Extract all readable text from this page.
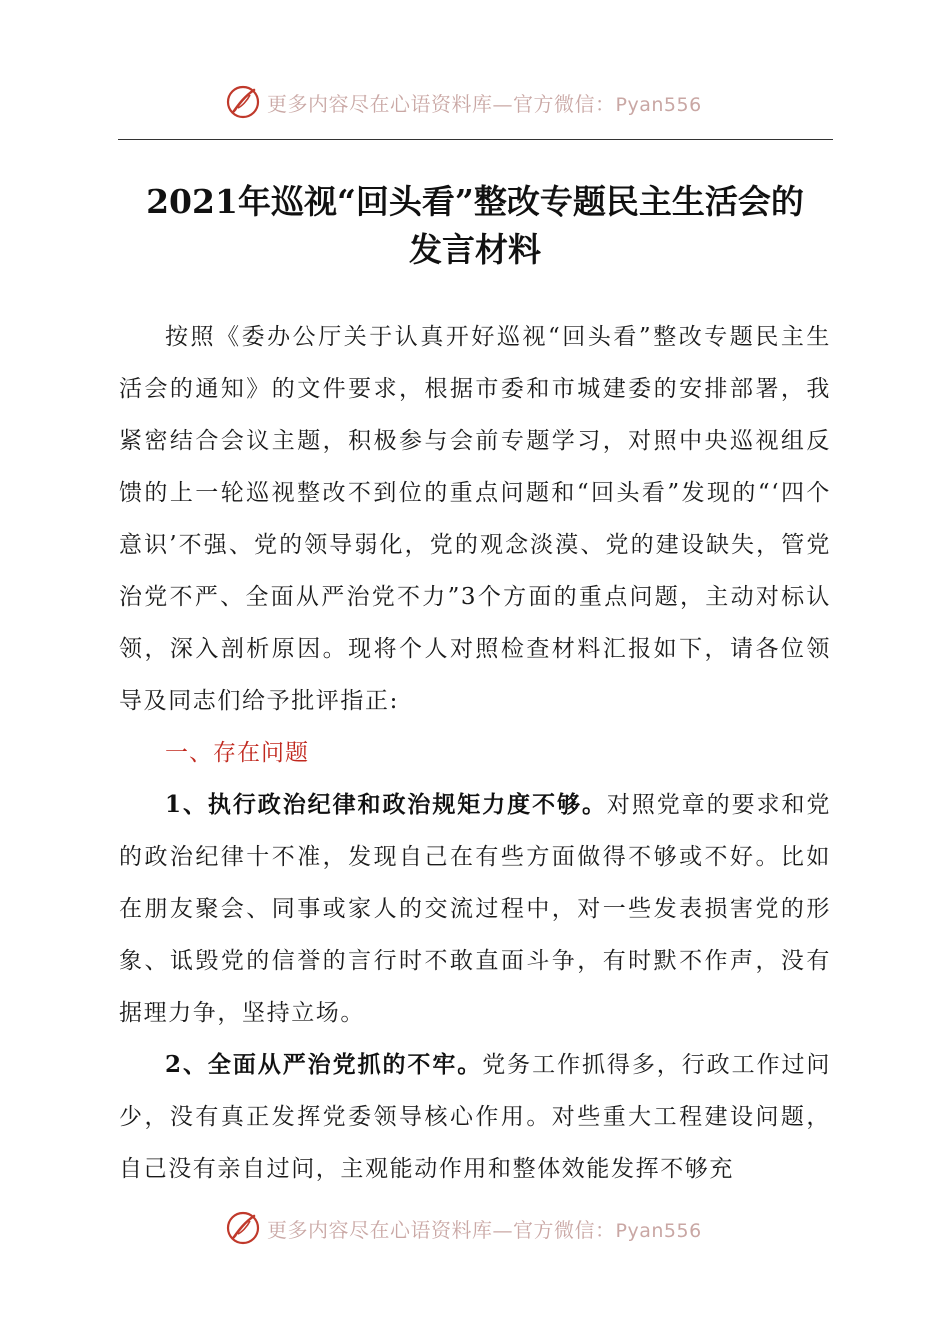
更多内容尽在心语资料库—官方微信：Pyan556
2021年巡视“回头看”整改专题民主生活会的
发言材料

按照《委办公厅关于认真开好巡视“回头看”整改专题民主生活会的通知》的文件要求，根据市委和市城建委的安排部署，我紧密结合会议主题，积极参与会前专题学习，对照中央巡视组反馈的上一轮巡视整改不到位的重点问题和“回头看”发现的“‘四个意识’不强、党的领导弱化，党的观念淡漠、党的建设缺失，管党治党不严、全面从严治党不力”3个方面的重点问题，主动对标认领，深入剖析原因。现将个人对照检查材料汇报如下，请各位领导及同志们给予批评指正:

一、存在问题

1、执行政治纪律和政治规矩力度不够。对照党章的要求和党的政治纪律十不准，发现自己在有些方面做得不够或不好。比如在朋友聚会、同事或家人的交流过程中，对一些发表损害党的形象、诋毁党的信誉的言行时不敢直面斗争，有时默不作声，没有据理力争，坚持立场。

2、全面从严治党抓的不牢。党务工作抓得多，行政工作过问少，没有真正发挥党委领导核心作用。对些重大工程建设问题，自己没有亲自过问，主观能动作用和整体效能发挥不够充

更多内容尽在心语资料库—官方微信：Pyan556
